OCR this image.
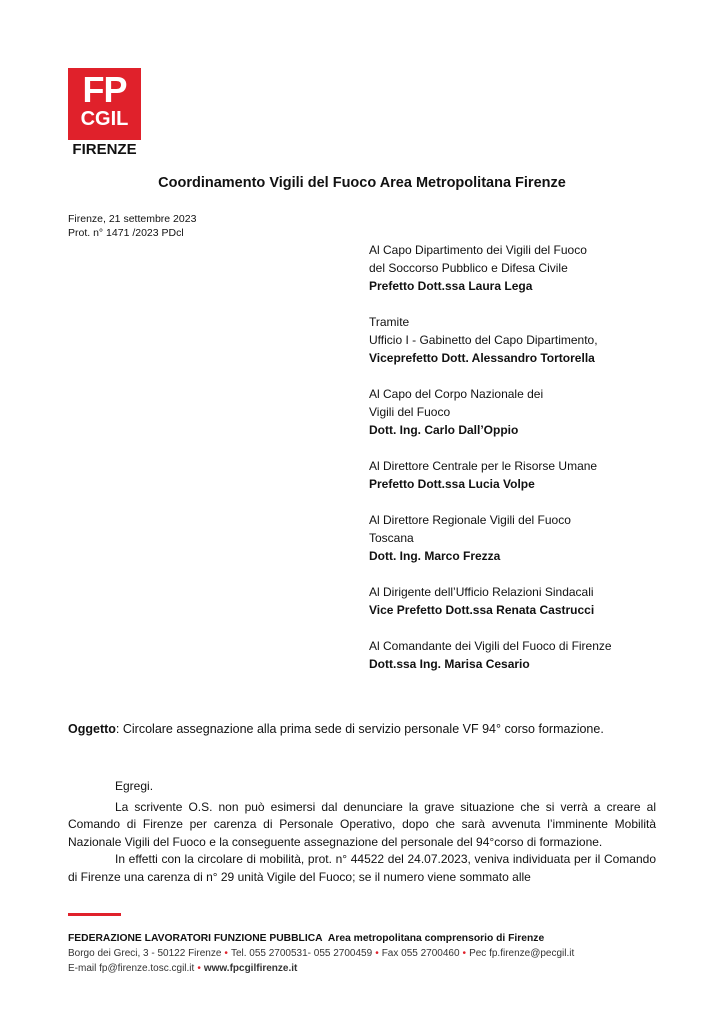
FP
CGIL
FIRENZE
Coordinamento Vigili del Fuoco Area Metropolitana Firenze
Firenze, 21 settembre 2023
Prot. n° 1471 /2023 PDcl
Al Capo Dipartimento dei Vigili del Fuoco
del Soccorso Pubblico e Difesa Civile
Prefetto Dott.ssa Laura Lega
Tramite
Ufficio I - Gabinetto del Capo Dipartimento,
Viceprefetto Dott. Alessandro Tortorella
Al Capo del Corpo Nazionale dei
Vigili del Fuoco
Dott. Ing. Carlo Dall’Oppio
Al Direttore Centrale per le Risorse Umane
Prefetto Dott.ssa Lucia Volpe
Al Direttore Regionale Vigili del Fuoco
Toscana
Dott. Ing. Marco Frezza
Al Dirigente dell’Ufficio Relazioni Sindacali
Vice Prefetto Dott.ssa Renata Castrucci
Al Comandante dei Vigili del Fuoco di Firenze
Dott.ssa Ing. Marisa Cesario
Oggetto: Circolare assegnazione alla prima sede di servizio personale VF 94° corso formazione.

Egregi.

La scrivente O.S. non può esimersi dal denunciare la grave situazione che si verrà a creare al Comando di Firenze per carenza di Personale Operativo, dopo che sarà avvenuta l’imminente Mobilità Nazionale Vigili del Fuoco e la conseguente assegnazione del personale del 94°corso di formazione.

In effetti con la circolare di mobilità, prot. n° 44522 del 24.07.2023, veniva individuata per il Comando di Firenze una carenza di n° 29 unità Vigile del Fuoco; se il numero viene sommato alle

FEDERAZIONE LAVORATORI FUNZIONE PUBBLICA Area metropolitana comprensorio di Firenze
Borgo dei Greci, 3 - 50122 Firenze • Tel. 055 2700531- 055 2700459 • Fax 055 2700460 • Pec fp.firenze@pecgil.it
E-mail fp@firenze.tosc.cgil.it • www.fpcgilfirenze.it
